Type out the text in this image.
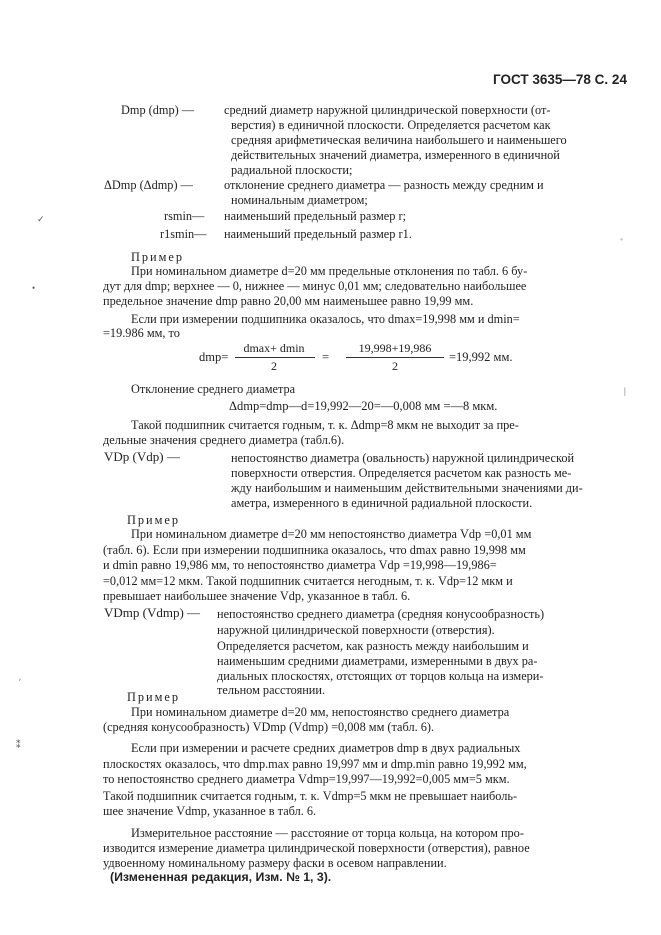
ГОСТ 3635—78 С. 24
Dmp (dmp) — средний диаметр наружной цилиндрической поверхности (от-
верстия) в единичной плоскости. Определяется расчетом как
средняя арифметическая величина наибольшего и наименьшего
действительных значений диаметра, измеренного в единичной
радиальной плоскости;
ΔDmp (Δdmp) —	отклонение среднего диаметра — разность между средним и
номинальным диаметром;
rsmin— наименьший предельный размер r;
r1smin— наименьший предельный размер r1.
Пример
При номинальном диаметре d=20 мм предельные отклонения по табл. 6 бу-
дут для dmp; верхнее — 0, нижнее — минус 0,01 мм; следовательно наибольшее
предельное значение dmp равно 20,00 мм наименьшее равно 19,99 мм.
Если при измерении подшипника оказалось, что dmax=19,998 мм и dmin=
=19.986 мм, то
dmp=
dmax+ dmin
2
=
19,998+19,986
2
=19,992 мм.
Отклонение среднего диаметра
Δdmp=dmp—d=19,992—20=—0,008 мм =—8 мкм.
Такой подшипник считается годным, т. к. Δdmp=8 мкм не выходит за пре-
дельные значения среднего диаметра (табл.6).
VDp (Vdp) —	непостоянство диаметра (овальность) наружной цилиндрической
поверхности отверстия. Определяется расчетом как разность ме-
жду наибольшим и наименьшим действительными значениями ди-
аметра, измеренного в единичной радиальной плоскости.
Пример
При номинальном диаметре d=20 мм непостоянство диаметра Vdp =0,01 мм
(табл. 6). Если при измерении подшипника оказалось, что dmax равно 19,998 мм
и dmin равно 19,986 мм, то непостоянство диаметра Vdp =19,998—19,986=
=0,012 мм=12 мкм. Такой подшипник считается негодным, т. к. Vdp=12 мкм и
превышает наибольшее значение Vdp, указанное в табл. 6.
VDmp (Vdmp) — непостоянство среднего диаметра (средняя конусообразность)
наружной цилиндрической поверхности (отверстия).
Определяется расчетом, как разность между наибольшим и
наименьшим средними диаметрами, измеренными в двух ра-
диальных плоскостях, отстоящих от торцов кольца на измери-
тельном расстоянии.
Пример
При номинальном диаметре d=20 мм, непостоянство среднего диаметра
(средняя конусообразность) VDmp (Vdmp) =0,008 мм (табл. 6).
Если при измерении и расчете средних диаметров dmp в двух радиальных
плоскостях оказалось, что dmp.max равно 19,997 мм и dmp.min равно 19,992 мм,
то непостоянство среднего диаметра Vdmp=19,997—19,992=0,005 мм=5 мкм.
Такой подшипник считается годным, т. к. Vdmp=5 мкм не превышает наиболь-
шее значение Vdmp, указанное в табл. 6.
Измерительное расстояние — расстояние от торца кольца, на котором про-
изводится измерение диаметра цилиндрической поверхности (отверстия), равное
удвоенному номинальному размеру фаски в осевом направлении.
(Измененная редакция, Изм. № 1, 3).
✓
•
ʹ
⁑
ﾞ
|
